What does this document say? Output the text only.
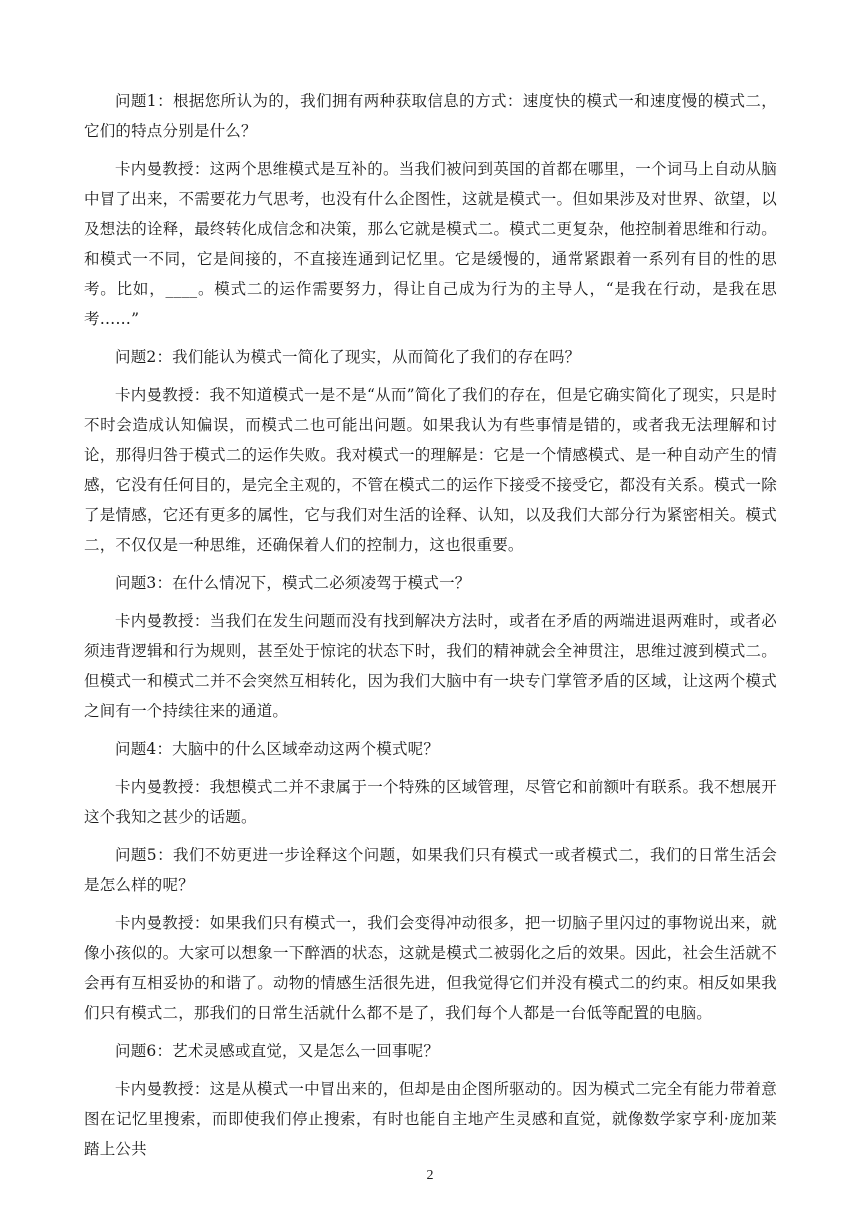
问题1：根据您所认为的，我们拥有两种获取信息的方式：速度快的模式一和速度慢的模式二，它们的特点分别是什么？

卡内曼教授：这两个思维模式是互补的。当我们被问到英国的首都在哪里，一个词马上自动从脑中冒了出来，不需要花力气思考，也没有什么企图性，这就是模式一。但如果涉及对世界、欲望，以及想法的诠释，最终转化成信念和决策，那么它就是模式二。模式二更复杂，他控制着思维和行动。和模式一不同，它是间接的，不直接连通到记忆里。它是缓慢的，通常紧跟着一系列有目的性的思考。比如，____。模式二的运作需要努力，得让自己成为行为的主导人，“是我在行动，是我在思考……”

问题2：我们能认为模式一简化了现实，从而简化了我们的存在吗？

卡内曼教授：我不知道模式一是不是“从而”简化了我们的存在，但是它确实简化了现实，只是时不时会造成认知偏误，而模式二也可能出问题。如果我认为有些事情是错的，或者我无法理解和讨论，那得归咎于模式二的运作失败。我对模式一的理解是：它是一个情感模式、是一种自动产生的情感，它没有任何目的，是完全主观的，不管在模式二的运作下接受不接受它，都没有关系。模式一除了是情感，它还有更多的属性，它与我们对生活的诠释、认知，以及我们大部分行为紧密相关。模式二，不仅仅是一种思维，还确保着人们的控制力，这也很重要。

问题3：在什么情况下，模式二必须凌驾于模式一？

卡内曼教授：当我们在发生问题而没有找到解决方法时，或者在矛盾的两端进退两难时，或者必须违背逻辑和行为规则，甚至处于惊诧的状态下时，我们的精神就会全神贯注，思维过渡到模式二。但模式一和模式二并不会突然互相转化，因为我们大脑中有一块专门掌管矛盾的区域，让这两个模式之间有一个持续往来的通道。

问题4：大脑中的什么区域牵动这两个模式呢？

卡内曼教授：我想模式二并不隶属于一个特殊的区域管理，尽管它和前额叶有联系。我不想展开这个我知之甚少的话题。

问题5：我们不妨更进一步诠释这个问题，如果我们只有模式一或者模式二，我们的日常生活会是怎么样的呢？

卡内曼教授：如果我们只有模式一，我们会变得冲动很多，把一切脑子里闪过的事物说出来，就像小孩似的。大家可以想象一下醉酒的状态，这就是模式二被弱化之后的效果。因此，社会生活就不会再有互相妥协的和谐了。动物的情感生活很先进，但我觉得它们并没有模式二的约束。相反如果我们只有模式二，那我们的日常生活就什么都不是了，我们每个人都是一台低等配置的电脑。

问题6：艺术灵感或直觉，又是怎么一回事呢？

卡内曼教授：这是从模式一中冒出来的，但却是由企图所驱动的。因为模式二完全有能力带着意图在记忆里搜索，而即使我们停止搜索，有时也能自主地产生灵感和直觉，就像数学家亨利·庞加莱踏上公共

2
